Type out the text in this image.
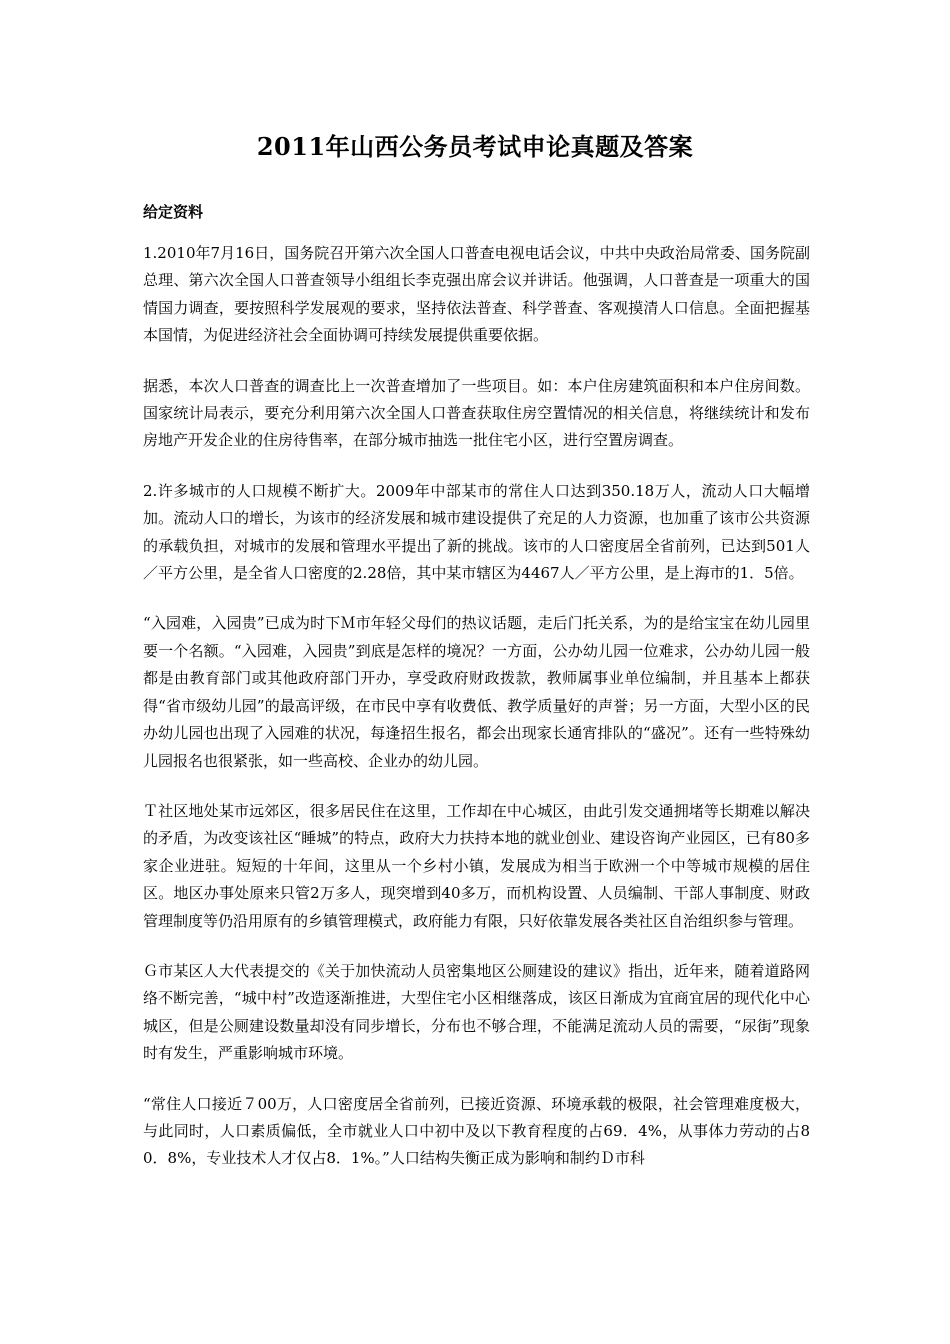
2011年山西公务员考试申论真题及答案
给定资料

1.2010年7月16日，国务院召开第六次全国人口普查电视电话会议，中共中央政治局常委、国务院副总理、第六次全国人口普查领导小组组长李克强出席会议并讲话。他强调，人口普查是一项重大的国情国力调查，要按照科学发展观的要求，坚持依法普查、科学普查、客观摸清人口信息。全面把握基本国情，为促进经济社会全面协调可持续发展提供重要依据。

据悉，本次人口普查的调查比上一次普查增加了一些项目。如：本户住房建筑面积和本户住房间数。国家统计局表示，要充分利用第六次全国人口普查获取住房空置情况的相关信息，将继续统计和发布房地产开发企业的住房待售率，在部分城市抽选一批住宅小区，进行空置房调查。

2.许多城市的人口规模不断扩大。2009年中部某市的常住人口达到350.18万人，流动人口大幅增加。流动人口的增长，为该市的经济发展和城市建设提供了充足的人力资源，也加重了该市公共资源的承载负担，对城市的发展和管理水平提出了新的挑战。该市的人口密度居全省前列，已达到501人／平方公里，是全省人口密度的2.28倍，其中某市辖区为4467人／平方公里，是上海市的1．5倍。

“入园难，入园贵”已成为时下Ｍ市年轻父母们的热议话题，走后门托关系，为的是给宝宝在幼儿园里要一个名额。“入园难，入园贵”到底是怎样的境况？一方面，公办幼儿园一位难求，公办幼儿园一般都是由教育部门或其他政府部门开办，享受政府财政拨款，教师属事业单位编制，并且基本上都获得“省市级幼儿园”的最高评级，在市民中享有收费低、教学质量好的声誉；另一方面，大型小区的民办幼儿园也出现了入园难的状况，每逢招生报名，都会出现家长通宵排队的“盛况”。还有一些特殊幼儿园报名也很紧张，如一些高校、企业办的幼儿园。

Ｔ社区地处某市远郊区，很多居民住在这里，工作却在中心城区，由此引发交通拥堵等长期难以解决的矛盾，为改变该社区“睡城”的特点，政府大力扶持本地的就业创业、建设咨询产业园区，已有80多家企业进驻。短短的十年间，这里从一个乡村小镇，发展成为相当于欧洲一个中等城市规模的居住区。地区办事处原来只管2万多人，现突增到40多万，而机构设置、人员编制、干部人事制度、财政管理制度等仍沿用原有的乡镇管理模式，政府能力有限，只好依靠发展各类社区自治组织参与管理。

Ｇ市某区人大代表提交的《关于加快流动人员密集地区公厕建设的建议》指出，近年来，随着道路网络不断完善，“城中村”改造逐渐推进，大型住宅小区相继落成，该区日渐成为宜商宜居的现代化中心城区，但是公厕建设数量却没有同步增长，分布也不够合理，不能满足流动人员的需要，“尿街”现象时有发生，严重影响城市环境。

“常住人口接近７00万，人口密度居全省前列，已接近资源、环境承载的极限，社会管理难度极大，与此同时，人口素质偏低，全市就业人口中初中及以下教育程度的占69．4%，从事体力劳动的占80．8%，专业技术人才仅占8．1%。”人口结构失衡正成为影响和制约Ｄ市科
